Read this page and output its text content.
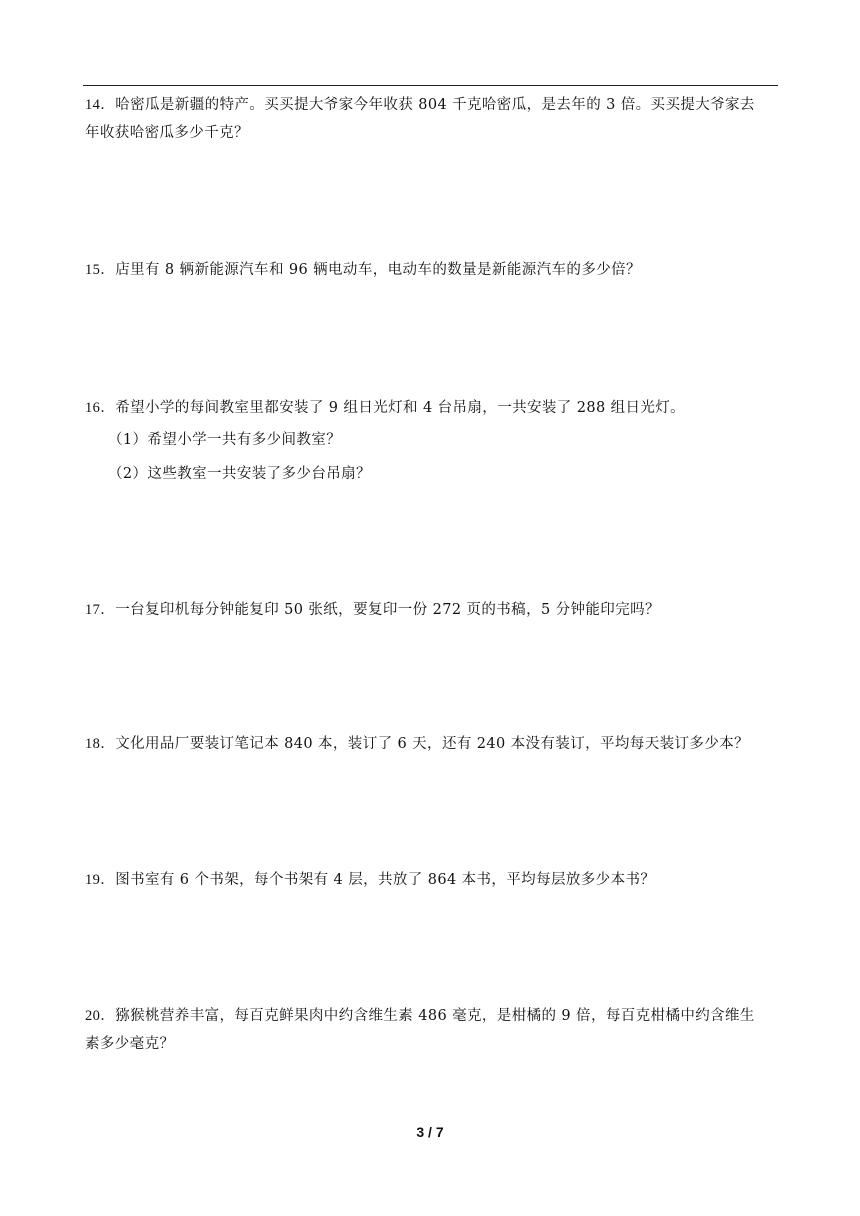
14．哈密瓜是新疆的特产。买买提大爷家今年收获 804 千克哈密瓜，是去年的 3 倍。买买提大爷家去
年收获哈密瓜多少千克？
15．店里有 8 辆新能源汽车和 96 辆电动车，电动车的数量是新能源汽车的多少倍？
16．希望小学的每间教室里都安装了 9 组日光灯和 4 台吊扇，一共安装了 288 组日光灯。
（1）希望小学一共有多少间教室？
（2）这些教室一共安装了多少台吊扇？
17．一台复印机每分钟能复印 50 张纸，要复印一份 272 页的书稿，5 分钟能印完吗？
18．文化用品厂要装订笔记本 840 本，装订了 6 天，还有 240 本没有装订，平均每天装订多少本？
19．图书室有 6 个书架，每个书架有 4 层，共放了 864 本书，平均每层放多少本书？
20．猕猴桃营养丰富，每百克鲜果肉中约含维生素 486 毫克，是柑橘的 9 倍，每百克柑橘中约含维生
素多少毫克？
3 / 7
